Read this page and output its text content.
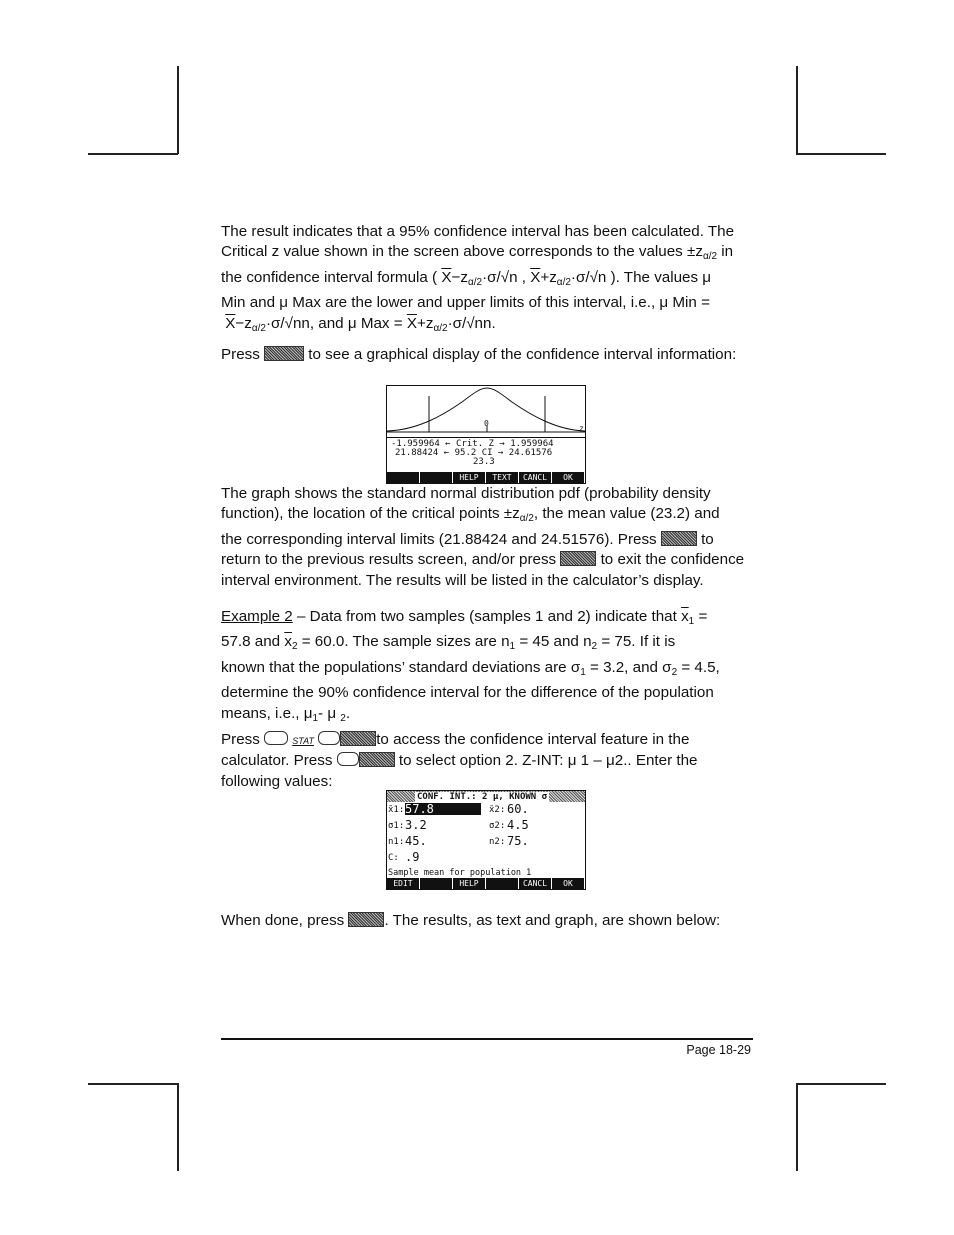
The result indicates that a 95% confidence interval has been calculated. The

Critical z value shown in the screen above corresponds to the values $\pm z_{\alpha/2}$ in

the confidence interval formula ( $\overline{X}-z_{\alpha/2}\cdot\sigma/√n$ , $\overline{X}+z_{\alpha/2}\cdot\sigma/√n$ ). The values μ

Min and μ Max are the lower and upper limits of this interval, i.e., μ Min =

$\overline{X}-z_{\alpha/2}\cdot\sigma/√nn$, and μ Max = $\overline{X}+z_{\alpha/2}\cdot\sigma/√nn$.

Press	to see a graphical display of the confidence interval information:

0
z
-1.959964 ← Crit. Z → 1.959964
21.88424 ← 95.2 CI → 24.61576
23.3
HELP	TEXT	CANCL	OK

The graph shows the standard normal distribution pdf (probability density

function), the location of the critical points $\pm z_{\alpha/2}$, the mean value (23.2) and

the corresponding interval limits (21.88424 and 24.51576). Press  to

return to the previous results screen, and/or press  to exit the confidence

interval environment. The results will be listed in the calculator’s display.

Example 2 – Data from two samples (samples 1 and 2) indicate that $\overline{x}_1$ =

57.8 and $\overline{x}_2 = 60.0$. The sample sizes are $n_1 = 45$ and $n_2 = 75$. If it is

known that the populations’ standard deviations are $\sigma_1 = 3.2$, and $\sigma_2 = 4.5$,

determine the 90% confidence interval for the difference of the population

means, i.e., $\mu_1-$ μ $_2$.

Press	STAT	to access the confidence interval feature in the

calculator. Press	to select option 2. Z-INT: μ 1 – μ2.. Enter the

following values:

CONF. INT.: 2 μ, KNOWN σ
x̄1: 57.8	x̄2: 60.
σ1: 3.2	σ2: 4.5
n1: 45.	n2: 75.
C: .9
Sample mean for population 1
EDIT	HELP	CANCL	OK

When done, press . The results, as text and graph, are shown below:

Page 18-29
